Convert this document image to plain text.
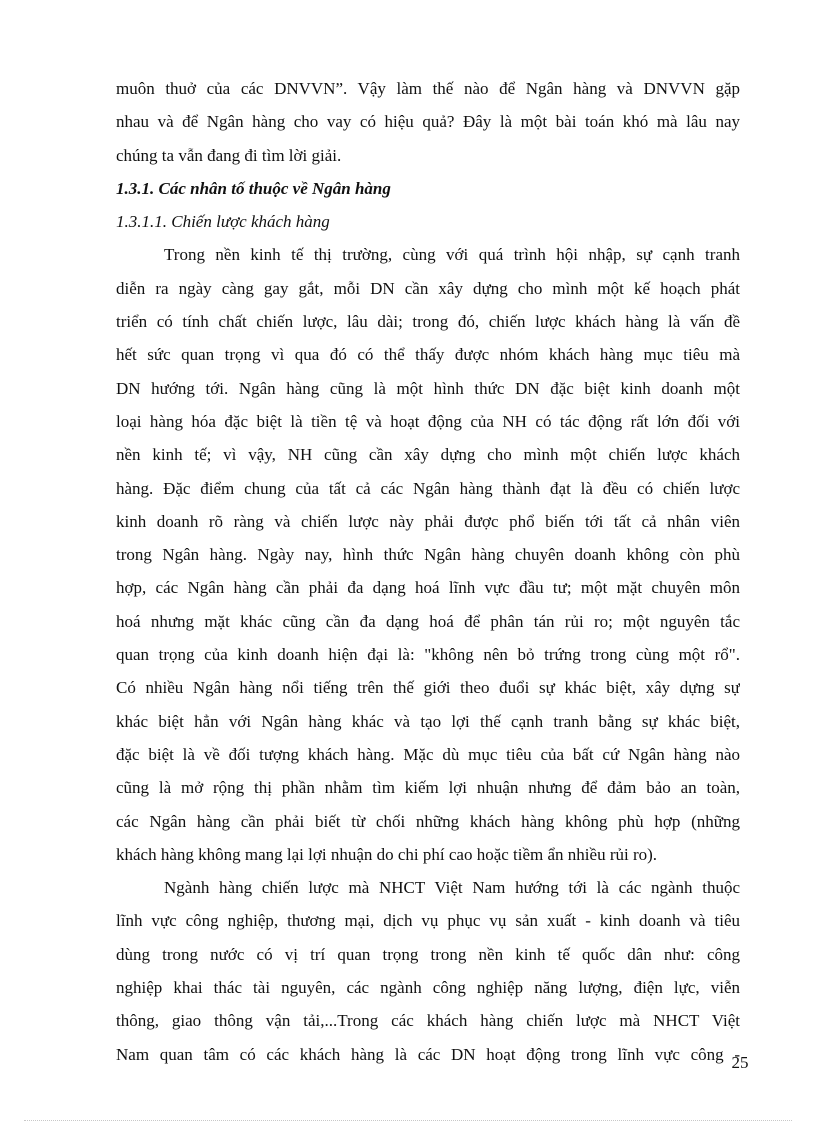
muôn thuở của các DNVVN”. Vậy làm thế nào để Ngân hàng và DNVVN gặp
nhau và để Ngân hàng cho vay có hiệu quả? Đây là một bài toán khó mà lâu nay
chúng ta vẫn đang đi tìm lời giải.
1.3.1. Các nhân tố thuộc về Ngân hàng
1.3.1.1. Chiến lược khách hàng
Trong nền kinh tế thị trường, cùng với quá trình hội nhập, sự cạnh tranh
diễn ra ngày càng gay gắt, mỗi DN cần xây dựng cho mình một kế hoạch phát
triển có tính chất chiến lược, lâu dài; trong đó, chiến lược khách hàng là vấn đề
hết sức quan trọng vì qua đó có thể thấy được nhóm khách hàng mục tiêu mà
DN hướng tới. Ngân hàng cũng là một hình thức DN đặc biệt kinh doanh một
loại hàng hóa đặc biệt là tiền tệ và hoạt động của NH có tác động rất lớn đối với
nền kinh tế; vì vậy, NH cũng cần xây dựng cho mình một chiến lược khách
hàng. Đặc điểm chung của tất cả các Ngân hàng thành đạt là đều có chiến lược
kinh doanh rõ ràng và chiến lược này phải được phổ biến tới tất cả nhân viên
trong Ngân hàng. Ngày nay, hình thức Ngân hàng chuyên doanh không còn phù
hợp, các Ngân hàng cần phải đa dạng hoá lĩnh vực đầu tư; một mặt chuyên môn
hoá nhưng mặt khác cũng cần đa dạng hoá để phân tán rủi ro; một nguyên tắc
quan trọng của kinh doanh hiện đại là: "không nên bỏ trứng trong cùng một rổ".
Có nhiều Ngân hàng nổi tiếng trên thế giới theo đuổi sự khác biệt, xây dựng sự
khác biệt hẳn với Ngân hàng khác và tạo lợi thế cạnh tranh bằng sự khác biệt,
đặc biệt là về đối tượng khách hàng. Mặc dù mục tiêu của bất cứ Ngân hàng nào
cũng là mở rộng thị phần nhằm tìm kiếm lợi nhuận nhưng để đảm bảo an toàn,
các Ngân hàng cần phải biết từ chối những khách hàng không phù hợp (những
khách hàng không mang lại lợi nhuận do chi phí cao hoặc tiềm ẩn nhiều rủi ro).
Ngành hàng chiến lược mà NHCT Việt Nam hướng tới là các ngành thuộc
lĩnh vực công nghiệp, thương mại, dịch vụ phục vụ sản xuất - kinh doanh và tiêu
dùng trong nước có vị trí quan trọng trong nền kinh tế quốc dân như: công
nghiệp khai thác tài nguyên, các ngành công nghiệp năng lượng, điện lực, viễn
thông, giao thông vận tải,...Trong các khách hàng chiến lược mà NHCT Việt
Nam quan tâm có các khách hàng là các DN hoạt động trong lĩnh vực công -
25
